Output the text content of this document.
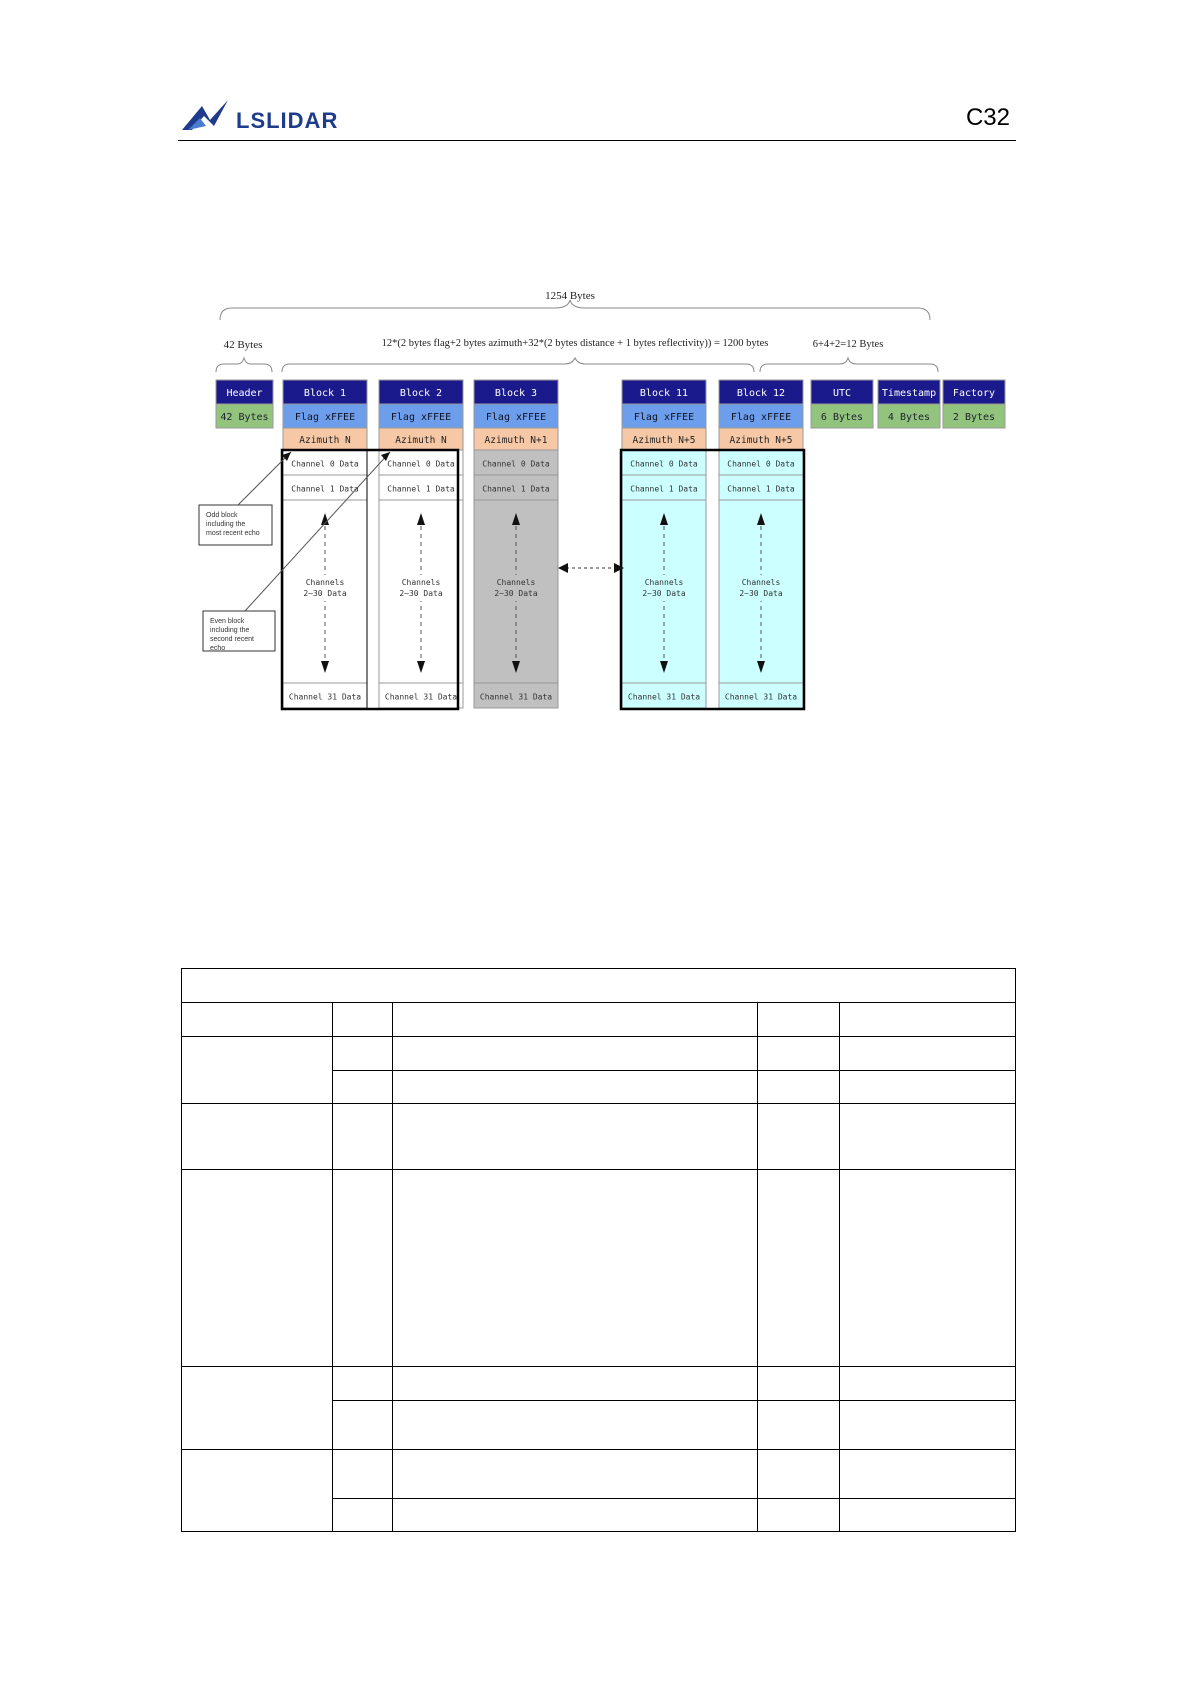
LSLIDAR	C32
1254 Bytes
42 Bytes	12*(2 bytes flag+2 bytes azimuth+32*(2 bytes distance + 1 bytes reflectivity)) = 1200 bytes	6+4+2=12 Bytes
Header
42 Bytes
Block 1
Flag xFFEE
Azimuth N
Channel 0 Data
Channel 1 Data
Channels
2~30 Data
Channel 31 Data
Block 2
Flag xFFEE
Azimuth N
Channel 0 Data
Channel 1 Data
Channels
2~30 Data
Channel 31 Data
Block 3
Flag xFFEE
Azimuth N+1
Channel 0 Data
Channel 1 Data
Channels
2~30 Data
Channel 31 Data
Block 11
Flag xFFEE
Azimuth N+5
Channel 0 Data
Channel 1 Data
Channels
2~30 Data
Channel 31 Data
Block 12
Flag xFFEE
Azimuth N+5
Channel 0 Data
Channel 1 Data
Channels
2~30 Data
Channel 31 Data
UTC
6 Bytes
Timestamp
4 Bytes
Factory
2 Bytes
Odd block
including the
most recent echo
Even block
including the
second recent
echo
